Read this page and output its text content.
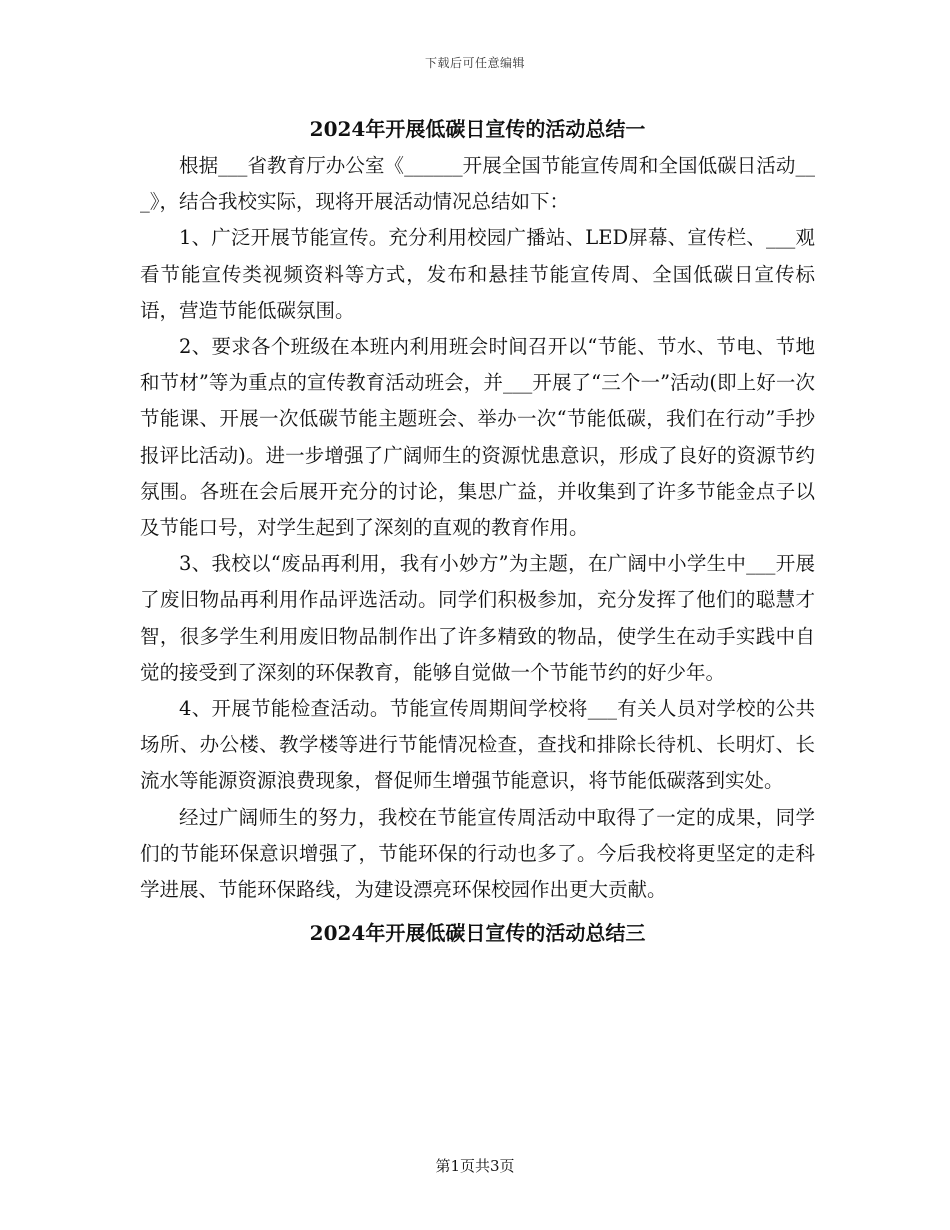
下载后可任意编辑
2024年开展低碳日宣传的活动总结一

根据___省教育厅办公室《______开展全国节能宣传周和全国低碳日活动___》，结合我校实际，现将开展活动情况总结如下：

1、广泛开展节能宣传。充分利用校园广播站、LED屏幕、宣传栏、___观看节能宣传类视频资料等方式，发布和悬挂节能宣传周、全国低碳日宣传标语，营造节能低碳氛围。

2、要求各个班级在本班内利用班会时间召开以“节能、节水、节电、节地和节材”等为重点的宣传教育活动班会，并___开展了“三个一”活动(即上好一次节能课、开展一次低碳节能主题班会、举办一次“节能低碳，我们在行动”手抄报评比活动)。进一步增强了广阔师生的资源忧患意识，形成了良好的资源节约氛围。各班在会后展开充分的讨论，集思广益，并收集到了许多节能金点子以及节能口号，对学生起到了深刻的直观的教育作用。

3、我校以“废品再利用，我有小妙方”为主题，在广阔中小学生中___开展了废旧物品再利用作品评选活动。同学们积极参加，充分发挥了他们的聪慧才智，很多学生利用废旧物品制作出了许多精致的物品，使学生在动手实践中自觉的接受到了深刻的环保教育，能够自觉做一个节能节约的好少年。

4、开展节能检查活动。节能宣传周期间学校将___有关人员对学校的公共场所、办公楼、教学楼等进行节能情况检查，查找和排除长待机、长明灯、长流水等能源资源浪费现象，督促师生增强节能意识，将节能低碳落到实处。

经过广阔师生的努力，我校在节能宣传周活动中取得了一定的成果，同学们的节能环保意识增强了，节能环保的行动也多了。今后我校将更坚定的走科学进展、节能环保路线，为建设漂亮环保校园作出更大贡献。

2024年开展低碳日宣传的活动总结三
第1页共3页
